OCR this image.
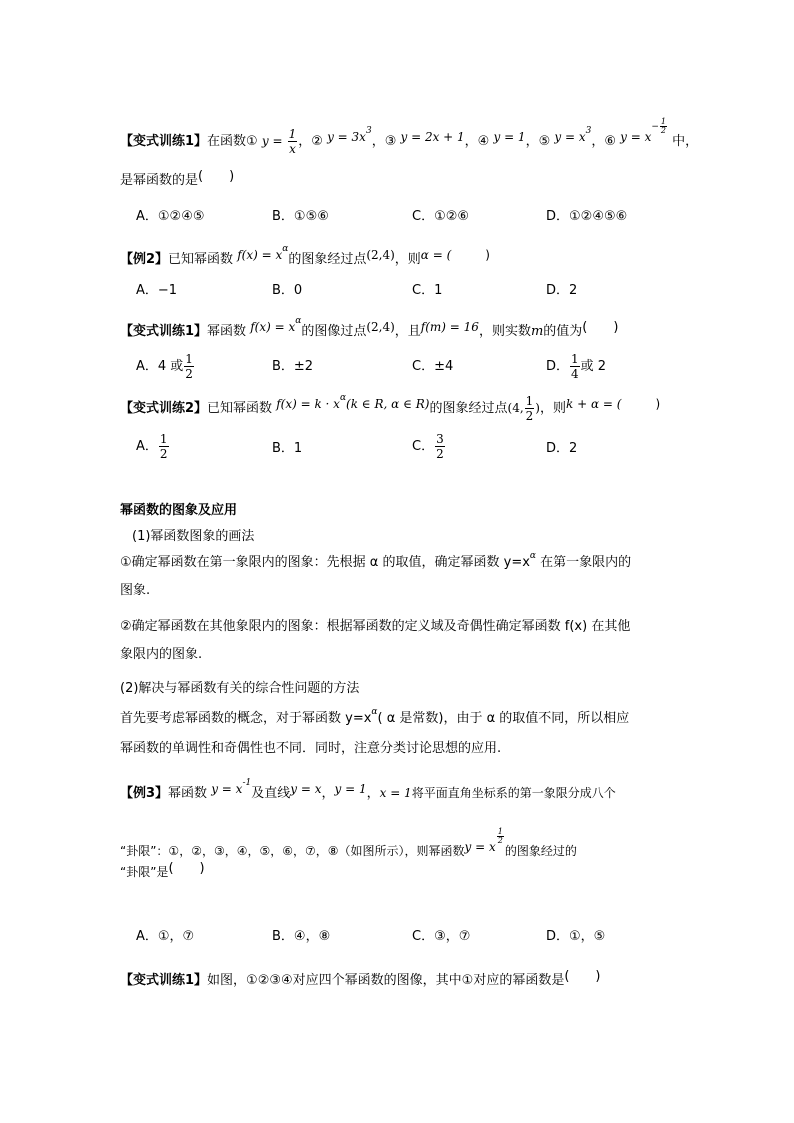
【变式训练1】在函数① $y = \frac{1}{x}$ ，② $y = 3x^3$，③ y = 2x + 1，④ y = 1，⑤ $y = x^3$，⑥ $y = x^{- \frac{1}{2}}$
中，
是幂函数的是(　　)
A．①②④⑤	B．①⑤⑥	C．①②⑥	D．①②④⑤⑥
【例2】已知幂函数 $f(x) = x^\alpha$的图象经过点(2,4)，则α = (	)
A．−1	B．0	C．1	D．2
【变式训练1】幂函数 $f(x) = x^\alpha$的图像过点(2,4)，且f(m) = 16，则实数m的值为(　　)
A．4 或 $\frac{1}{2}$	B．±2	C．±4	D． $\frac{1}{4}$ 或 2
【变式训练2】已知幂函数 $f(x) = k \cdot x^\alpha(k$ ∈ R, α ∈ R)的图象经过点(4, $\frac{1}{2}$ )，则k + α = (	)
A． $\frac{1}{2}$	B．1	C． $\frac{3}{2}$	D．2
幂函数的图象及应用
(1)幂函数图象的画法
①确定幂函数在第一象限内的图象：先根据 α 的取值，确定幂函数 $y=x^\alpha$ 在第一象限内的
图象.
②确定幂函数在其他象限内的图象：根据幂函数的定义域及奇偶性确定幂函数 f(x) 在其他
象限内的图象.
(2)解决与幂函数有关的综合性问题的方法
首先要考虑幂函数的概念，对于幂函数 $y=x^\alpha$( α 是常数)，由于 α 的取值不同，所以相应
幂函数的单调性和奇偶性也不同．同时，注意分类讨论思想的应用.
【例3】幂函数 $y = x^{-1}$及直线y = x，y = 1，x = 1将平面直角坐标系的第一象限分成八个
“卦限”：①，②，③，④，⑤，⑥，⑦，⑧（如图所示），则幂函数y = x
$^{\frac{1}{2}}$
的图象经过的
“卦限”是(　　)
A．①，⑦	B．④，⑧	C．③，⑦	D．①，⑤
【变式训练1】如图，①②③④对应四个幂函数的图像，其中①对应的幂函数是(　　)
